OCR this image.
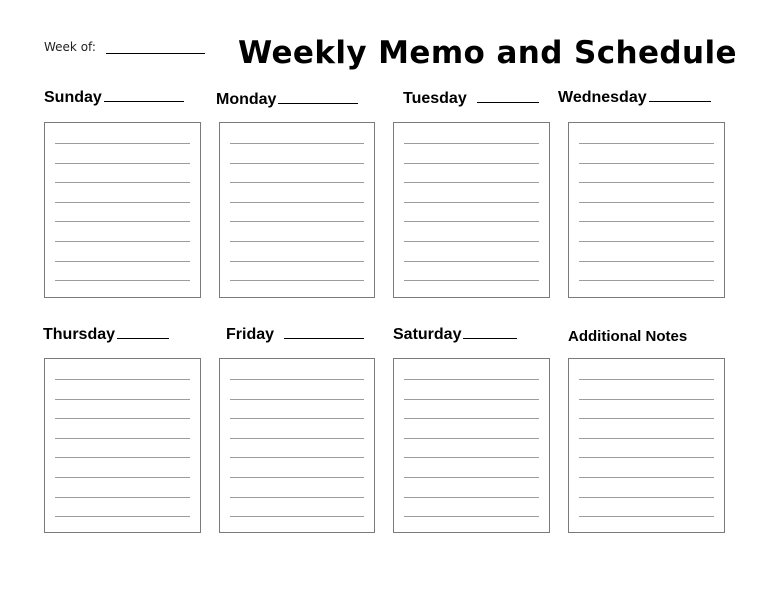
Week of:	Weekly Memo and Schedule
Sunday	Monday	Tuesday	Wednesday
Thursday	Friday	Saturday	Additional Notes
